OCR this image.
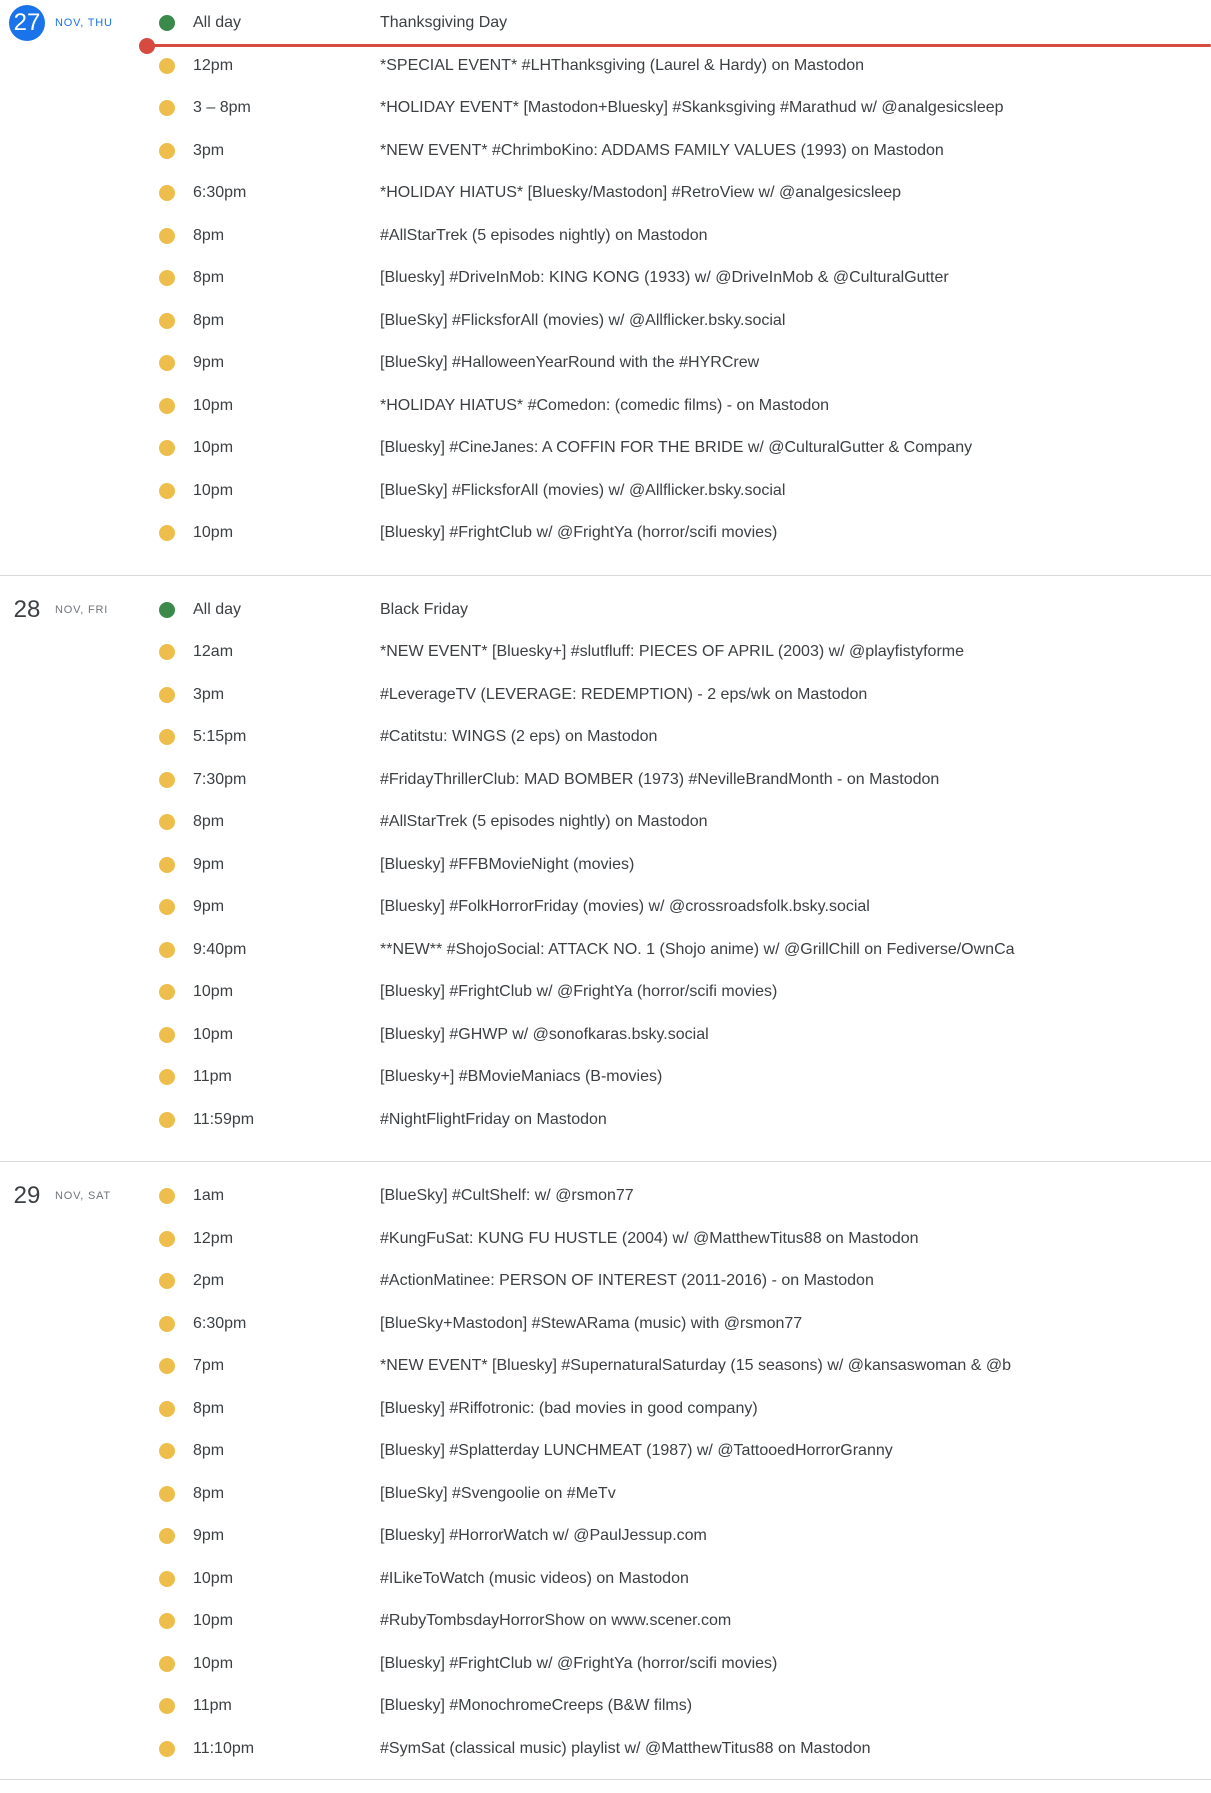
27	NOV, THU	All day	Thanksgiving Day
12pm	*SPECIAL EVENT* #LHThanksgiving (Laurel & Hardy) on Mastodon
3 – 8pm	*HOLIDAY EVENT* [Mastodon+Bluesky] #Skanksgiving #Marathud w/ @analgesicsleep
3pm	*NEW EVENT* #ChrimboKino: ADDAMS FAMILY VALUES (1993) on Mastodon
6:30pm	*HOLIDAY HIATUS* [Bluesky/Mastodon] #RetroView w/ @analgesicsleep
8pm	#AllStarTrek (5 episodes nightly) on Mastodon
8pm	[Bluesky] #DriveInMob: KING KONG (1933) w/ @DriveInMob & @CulturalGutter
8pm	[BlueSky] #FlicksforAll (movies) w/ @Allflicker.bsky.social
9pm	[BlueSky] #HalloweenYearRound with the #HYRCrew
10pm	*HOLIDAY HIATUS* #Comedon: (comedic films) - on Mastodon
10pm	[Bluesky] #CineJanes: A COFFIN FOR THE BRIDE w/ @CulturalGutter & Company
10pm	[BlueSky] #FlicksforAll (movies) w/ @Allflicker.bsky.social
10pm	[Bluesky] #FrightClub w/ @FrightYa (horror/scifi movies)
28	NOV, FRI	All day	Black Friday
12am	*NEW EVENT* [Bluesky+] #slutfluff: PIECES OF APRIL (2003) w/ @playfistyforme
3pm	#LeverageTV (LEVERAGE: REDEMPTION) - 2 eps/wk on Mastodon
5:15pm	#Catitstu: WINGS (2 eps) on Mastodon
7:30pm	#FridayThrillerClub: MAD BOMBER (1973) #NevilleBrandMonth - on Mastodon
8pm	#AllStarTrek (5 episodes nightly) on Mastodon
9pm	[Bluesky] #FFBMovieNight (movies)
9pm	[Bluesky] #FolkHorrorFriday (movies) w/ @crossroadsfolk.bsky.social
9:40pm	**NEW** #ShojoSocial: ATTACK NO. 1 (Shojo anime) w/ @GrillChill on Fediverse/OwnCa
10pm	[Bluesky] #FrightClub w/ @FrightYa (horror/scifi movies)
10pm	[Bluesky] #GHWP w/ @sonofkaras.bsky.social
11pm	[Bluesky+] #BMovieManiacs (B-movies)
11:59pm	#NightFlightFriday on Mastodon
29	NOV, SAT	1am	[BlueSky] #CultShelf: w/ @rsmon77
12pm	#KungFuSat: KUNG FU HUSTLE (2004) w/ @MatthewTitus88 on Mastodon
2pm	#ActionMatinee: PERSON OF INTEREST (2011-2016) - on Mastodon
6:30pm	[BlueSky+Mastodon] #StewARama (music) with @rsmon77
7pm	*NEW EVENT* [Bluesky] #SupernaturalSaturday (15 seasons) w/ @kansaswoman & @b
8pm	[Bluesky] #Riffotronic: (bad movies in good company)
8pm	[Bluesky] #Splatterday LUNCHMEAT (1987) w/ @TattooedHorrorGranny
8pm	[BlueSky] #Svengoolie on #MeTv
9pm	[Bluesky] #HorrorWatch w/ @PaulJessup.com
10pm	#ILikeToWatch (music videos) on Mastodon
10pm	#RubyTombsdayHorrorShow on www.scener.com
10pm	[Bluesky] #FrightClub w/ @FrightYa (horror/scifi movies)
11pm	[Bluesky] #MonochromeCreeps (B&W films)
11:10pm	#SymSat (classical music) playlist w/ @MatthewTitus88 on Mastodon
